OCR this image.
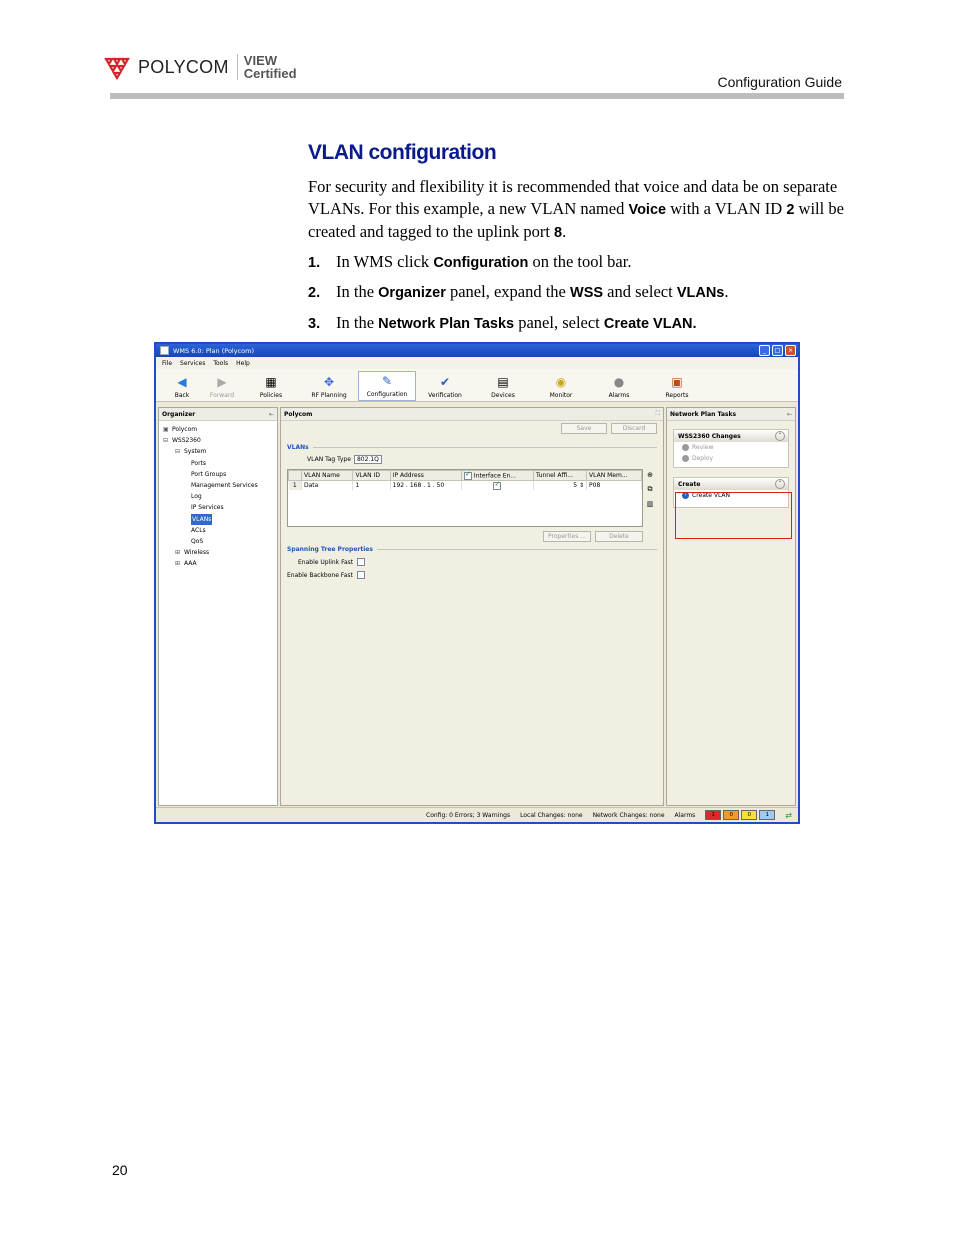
POLYCOM VIEW
Certified
Configuration Guide
VLAN configuration
For security and flexibility it is recommended that voice and data be on separate VLANs. For this example, a new VLAN named Voice with a VLAN ID 2 will be created and tagged to the uplink port 8.
1. In WMS click Configuration on the tool bar.
2. In the Organizer panel, expand the WSS and select VLANs.
3. In the Network Plan Tasks panel, select Create VLAN.
WMS 6.0: Plan (Polycom)	_	□	×
File Services Tools Help
◀
Back
▶
Forward
▦
Policies
✥
RF Planning
✎
Configuration
✔
Verification
▤
Devices
◉
Monitor
●
Alarms
▣
Reports
Organizer	⇤
▣ Polycom
⊟ WSS2360
⊟ System
Ports
Port Groups
Management Services
Log
IP Services
VLANs
ACLs
QoS
⊞ Wireless
⊞ AAA
Polycom	⛶
Save	Discard
VLANs
VLAN Tag Type	802.1Q
	VLAN Name	VLAN ID	IP Address	✓Interface En...	Tunnel Affi...	VLAN Mem...
1	Data	1	192 . 168 . 1 . 50	✓	5 ⇕	P08
⊕
⧉
▥
Properties ...	Delete
Spanning Tree Properties
Enable Uplink Fast
Enable Backbone Fast
Network Plan Tasks	⇤
WSS2360 Changes	˄
Review
Deploy
Create	˄
› Create VLAN
Config: 0 Errors; 3 Warnings Local Changes: none Network Changes: none Alarms	1	0	0	1	⇄
20
